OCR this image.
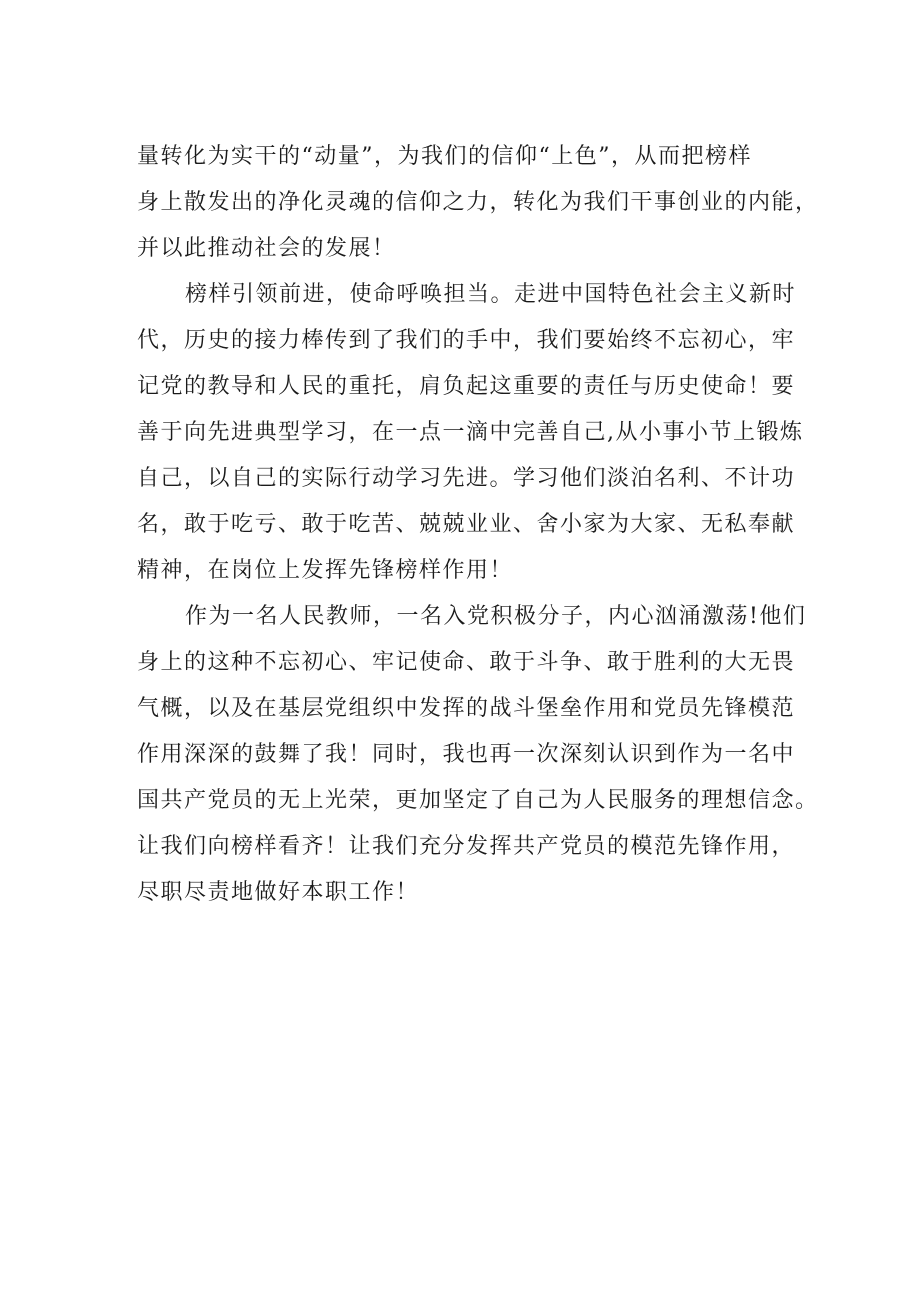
量转化为实干的“动量”，为我们的信仰“上色”，从而把榜样
身上散发出的净化灵魂的信仰之力，转化为我们干事创业的内能，
并以此推动社会的发展！
榜样引领前进，使命呼唤担当。走进中国特色社会主义新时
代，历史的接力棒传到了我们的手中，我们要始终不忘初心，牢
记党的教导和人民的重托，肩负起这重要的责任与历史使命！要
善于向先进典型学习，在一点一滴中完善自己,从小事小节上锻炼
自己，以自己的实际行动学习先进。学习他们淡泊名利、不计功
名，敢于吃亏、敢于吃苦、兢兢业业、舍小家为大家、无私奉献
精神，在岗位上发挥先锋榜样作用！
作为一名人民教师，一名入党积极分子，内心汹涌激荡!他们
身上的这种不忘初心、牢记使命、敢于斗争、敢于胜利的大无畏
气概，以及在基层党组织中发挥的战斗堡垒作用和党员先锋模范
作用深深的鼓舞了我！同时，我也再一次深刻认识到作为一名中
国共产党员的无上光荣，更加坚定了自己为人民服务的理想信念。
让我们向榜样看齐！让我们充分发挥共产党员的模范先锋作用，
尽职尽责地做好本职工作！
